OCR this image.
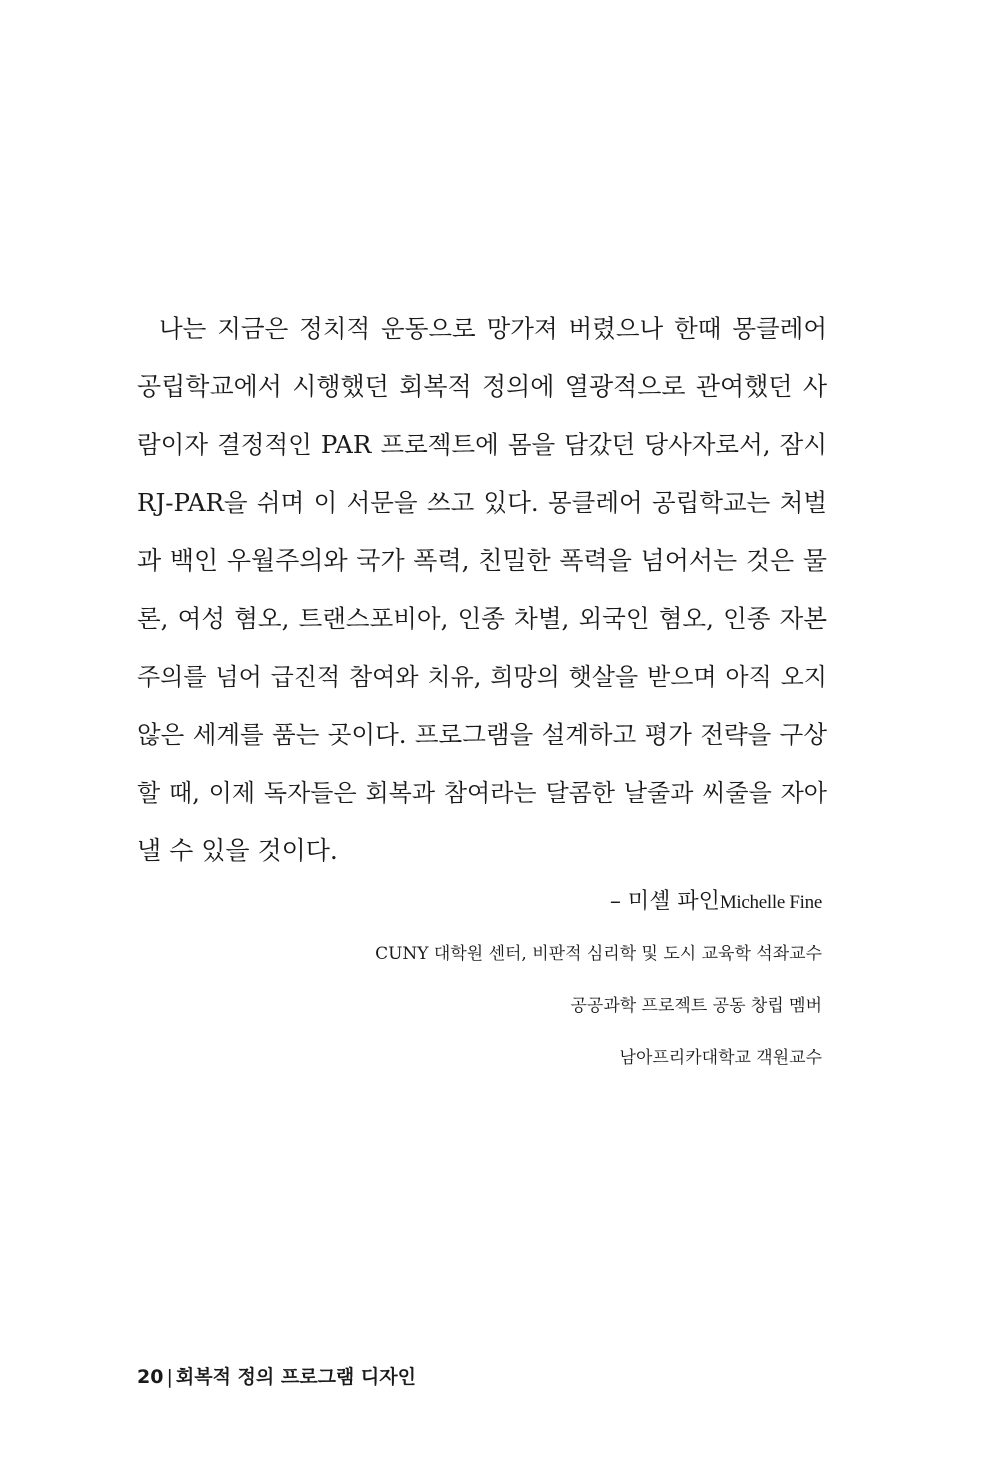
나는 지금은 정치적 운동으로 망가져 버렸으나 한때 몽클레어
공립학교에서 시행했던 회복적 정의에 열광적으로 관여했던 사
람이자 결정적인 PAR 프로젝트에 몸을 담갔던 당사자로서, 잠시
RJ-PAR을 쉬며 이 서문을 쓰고 있다. 몽클레어 공립학교는 처벌
과 백인 우월주의와 국가 폭력, 친밀한 폭력을 넘어서는 것은 물
론, 여성 혐오, 트랜스포비아, 인종 차별, 외국인 혐오, 인종 자본
주의를 넘어 급진적 참여와 치유, 희망의 햇살을 받으며 아직 오지
않은 세계를 품는 곳이다. 프로그램을 설계하고 평가 전략을 구상
할 때, 이제 독자들은 회복과 참여라는 달콤한 날줄과 씨줄을 자아
낼 수 있을 것이다.
– 미셸 파인Michelle Fine
CUNY 대학원 센터, 비판적 심리학 및 도시 교육학 석좌교수
공공과학 프로젝트 공동 창립 멤버
남아프리카대학교 객원교수
20 | 회복적 정의 프로그램 디자인
